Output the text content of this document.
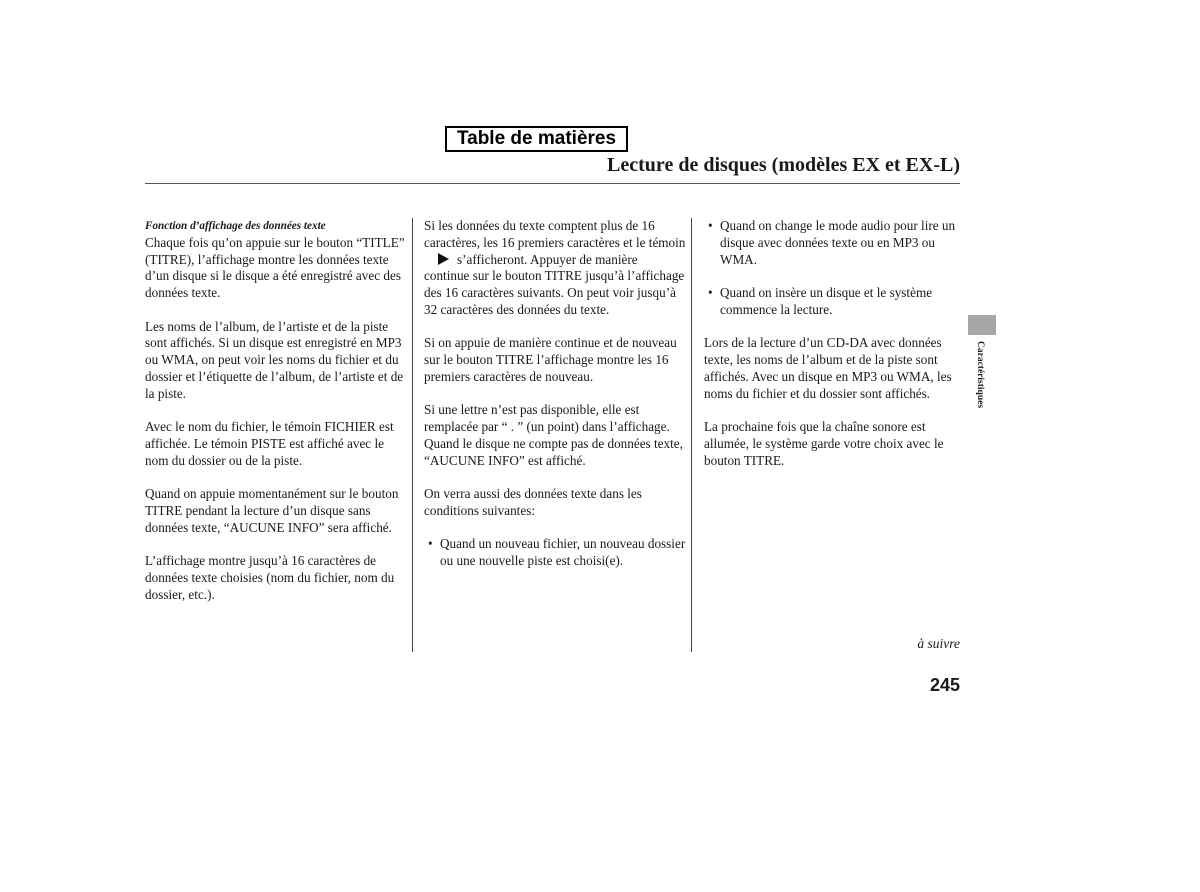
Table de matières
Lecture de disques (modèles EX et EX-L)

Fonction d’affichage des données texte
Chaque fois qu’on appuie sur le bouton “TITLE” (TITRE), l’affichage montre les données texte d’un disque si le disque a été enregistré avec des données texte.

Les noms de l’album, de l’artiste et de la piste sont affichés. Si un disque est enregistré en MP3 ou WMA, on peut voir les noms du fichier et du dossier et l’étiquette de l’album, de l’artiste et de la piste.

Avec le nom du fichier, le témoin FICHIER est affichée. Le témoin PISTE est affiché avec le nom du dossier ou de la piste.

Quand on appuie momentanément sur le bouton TITRE pendant la lecture d’un disque sans données texte, “AUCUNE INFO” sera affiché.

L’affichage montre jusqu’à 16 caractères de données texte choisies (nom du fichier, nom du dossier, etc.).

Si les données du texte comptent plus de 16 caractères, les 16 premiers caractères et le témoins’afficheront. Appuyer de manière continue sur le bouton TITRE jusqu’à l’affichage des 16 caractères suivants. On peut voir jusqu’à 32 caractères des données du texte.

Si on appuie de manière continue et de nouveau sur le bouton TITRE l’affichage montre les 16 premiers caractères de nouveau.

Si une lettre n’est pas disponible, elle est remplacée par “ . ” (un point) dans l’affichage. Quand le disque ne compte pas de données texte, “AUCUNE INFO” est affiché.

On verra aussi des données texte dans les conditions suivantes:

• Quand un nouveau fichier, un nouveau dossier ou une nouvelle piste est choisi(e).
• Quand on change le mode audio pour lire un disque avec données texte ou en MP3 ou WMA.
• Quand on insère un disque et le système commence la lecture.

Lors de la lecture d’un CD-DA avec données texte, les noms de l’album et de la piste sont affichés. Avec un disque en MP3 ou WMA, les noms du fichier et du dossier sont affichés.

La prochaine fois que la chaîne sonore est allumée, le système garde votre choix avec le bouton TITRE.

Caractéristiques
à suivre
245
